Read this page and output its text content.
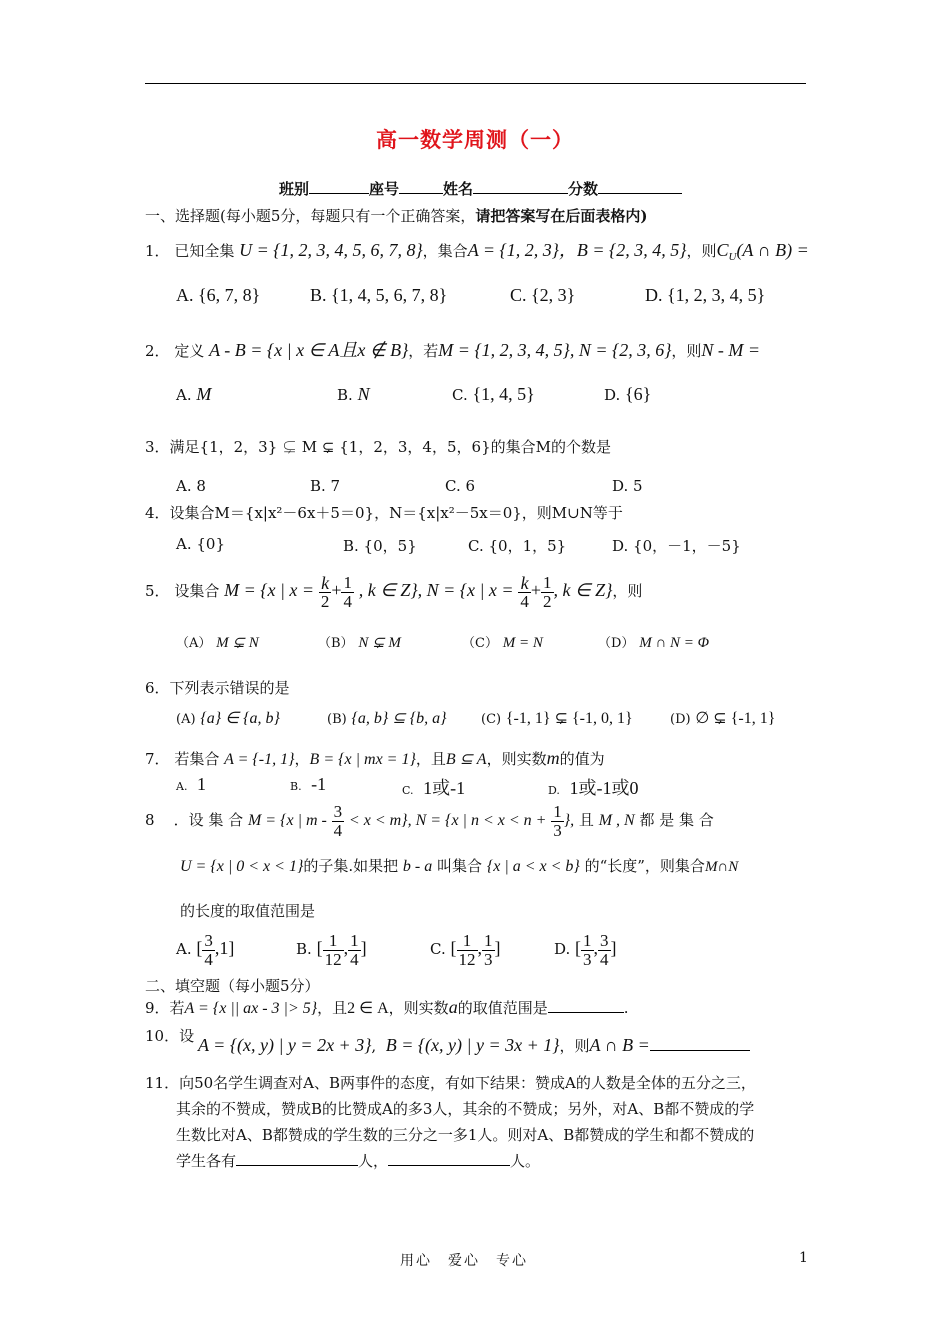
高一数学周测（一）
班别	座号	姓名	分数
一、选择题(每小题5分，每题只有一个正确答案，请把答案写在后面表格内)
1． 已知全集 U = {1, 2, 3, 4, 5, 6, 7, 8}，集合A = {1, 2, 3}，B = {2, 3, 4, 5}，则$C_U(A$ ∩ B) =
A. {6, 7, 8}	B. {1, 4, 5, 6, 7, 8}	C. {2, 3}	D. {1, 2, 3, 4, 5}
2． 定义 A - B = {x | x ∈ A且x ∉ B}，若M = {1, 2, 3, 4, 5}, N = {2, 3, 6}，则N - M =
A. M	B. N	C. {1, 4, 5}	D. {6}
3．满足{1，2，3} ⊊ M ⊊ {1，2，3，4，5，6}的集合M的个数是
A. 8	B. 7	C. 6	D. 5
4．设集合M＝{x|x²－6x＋5＝0}，N＝{x|x²－5x＝0}，则M∪N等于
A. {0}	B. {0，5}	C. {0，1，5}	D. {0，－1，－5}
5． 设集合 M = {x | $x = \frac{k}{2} + \frac{1}{4}$ , k ∈ Z}, N = {x | $x = \frac{k}{4} + \frac{1}{2}$ , k ∈ Z}，则
（A） M ⊊ N	（B） N ⊊ M	（C） M = N	（D） M ∩ N = Φ
6．下列表示错误的是
(A) {a} ∈ {a, b}	(B) {a, b} ⊆ {b, a}	(C) {-1, 1} ⊊ {-1, 0, 1}	(D) ∅ ⊊ {-1, 1}
7． 若集合 A = {-1, 1}，B = {x | mx = 1}，且B ⊆ A，则实数m的值为
A. 1	B. -1	C. 1或-1	D. 1或-1或0
8 ．设 集 合 M = {x | $m - \frac{3}{4} < x < m$}, N = {x | $n < x < n + \frac{1}{3}$ }, 且 M , N 都 是 集 合
U = {x | 0 < x < 1}的子集.如果把 b - a 叫集合 {x | a < x < b} 的“长度”，则集合M∩N
的长度的取值范围是
A. [ $\frac{3}{4} ,1$]	B. [ $\frac{1}{12}$ , $\frac{1}{4}$ ]	C. [ $\frac{1}{12}$ , $\frac{1}{3}$ ]	D. [ $\frac{1}{3}$ , $\frac{3}{4}$ ]
二、填空题（每小题5分）
9．若A = {x || ax - 3 |> 5}，且2 ∈ A，则实数a的取值范围是	.
10．设 A = {(x, y) | y = 2x + 3},  B = {(x, y) | y = 3x + 1}，则A ∩ B =
11．向50名学生调查对A、B两事件的态度，有如下结果：赞成A的人数是全体的五分之三，
其余的不赞成，赞成B的比赞成A的多3人，其余的不赞成；另外，对A、B都不赞成的学
生数比对A、B都赞成的学生数的三分之一多1人。则对A、B都赞成的学生和都不赞成的
学生各有	人，	人。
用心　爱心　专心	1
